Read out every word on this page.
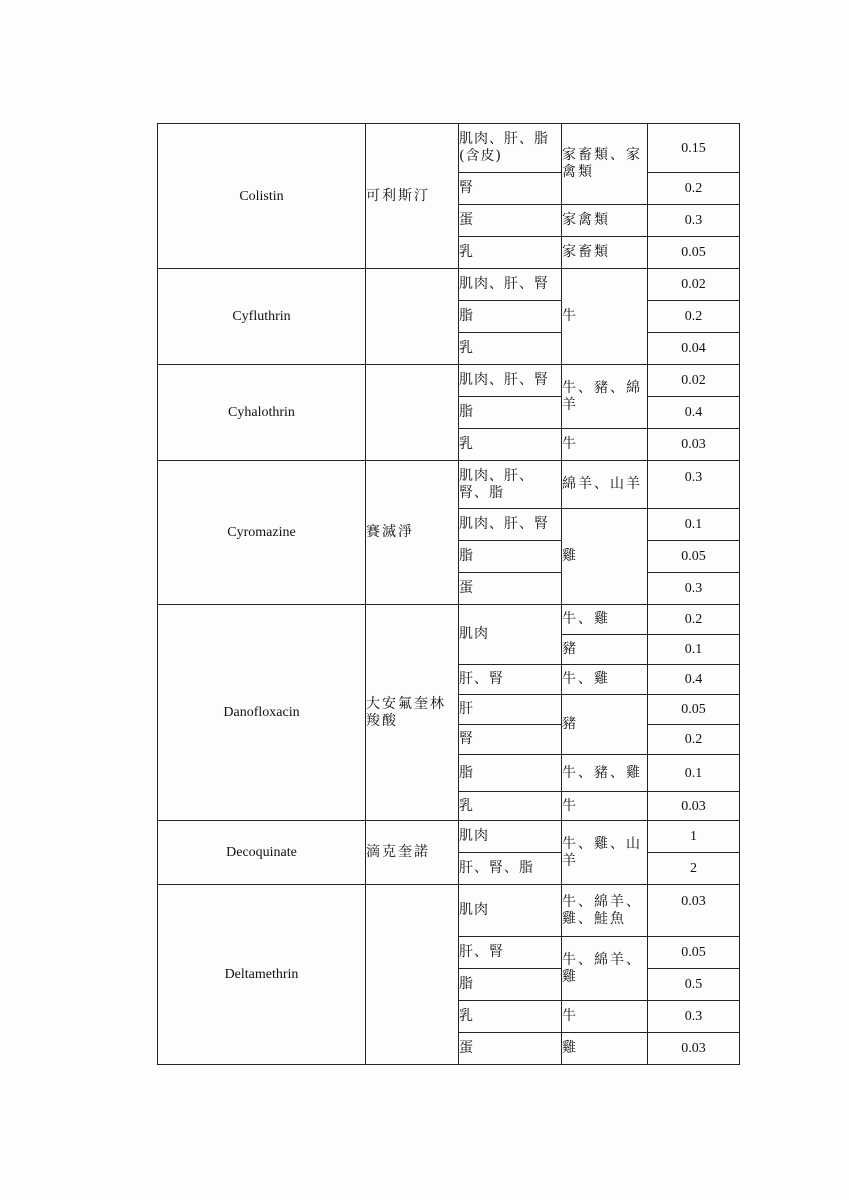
Colistin	可利斯汀	肌肉、肝、脂(含皮)	家畜類、家禽類	0.15
		腎		0.2
		蛋	家禽類	0.3
		乳	家畜類	0.05
Cyfluthrin		肌肉、肝、腎	牛	0.02
		脂		0.2
		乳		0.04
Cyhalothrin		肌肉、肝、腎	牛、豬、綿羊	0.02
		脂		0.4
		乳	牛	0.03
Cyromazine	賽滅淨	肌肉、肝、腎、脂	綿羊、山羊	0.3
		肌肉、肝、腎	雞	0.1
		脂		0.05
		蛋		0.3
Danofloxacin	大安氟奎林羧酸	肌肉	牛、雞	0.2
			豬	0.1
		肝、腎	牛、雞	0.4
		肝	豬	0.05
		腎		0.2
		脂	牛、豬、雞	0.1
		乳	牛	0.03
Decoquinate	滴克奎諾	肌肉	牛、雞、山羊	1
		肝、腎、脂		2
Deltamethrin		肌肉	牛、綿羊、雞、鮭魚	0.03
		肝、腎	牛、綿羊、雞	0.05
		脂		0.5
		乳	牛	0.3
		蛋	雞	0.03
